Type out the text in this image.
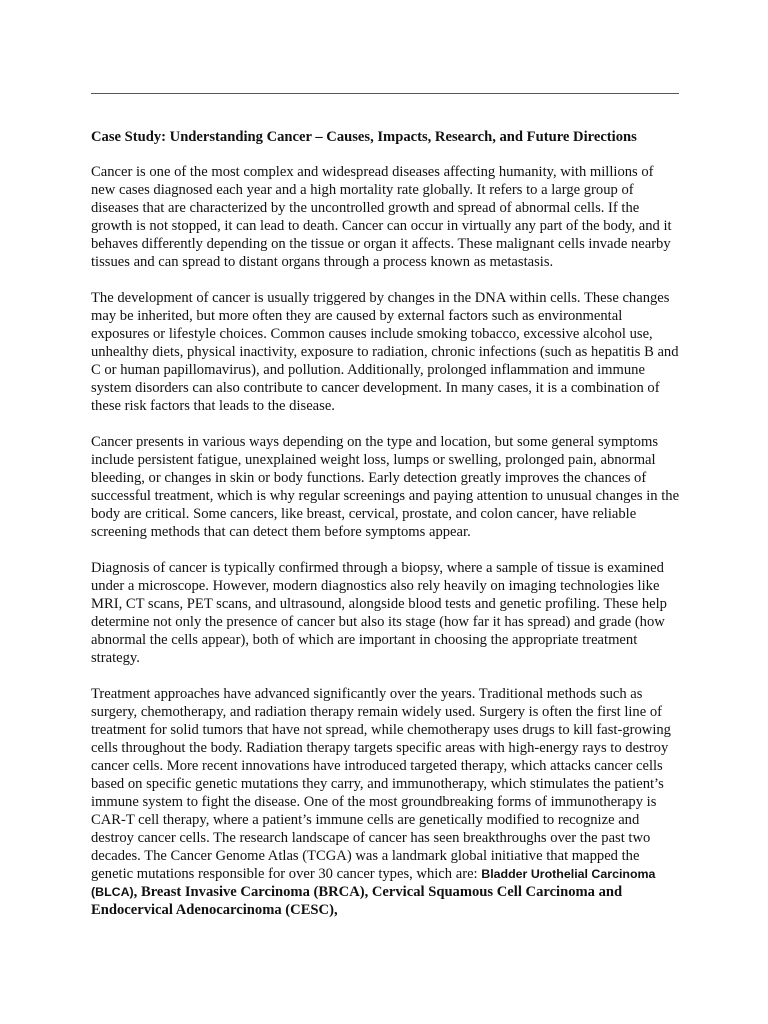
Case Study: Understanding Cancer – Causes, Impacts, Research, and Future Directions

Cancer is one of the most complex and widespread diseases affecting humanity, with millions of new cases diagnosed each year and a high mortality rate globally. It refers to a large group of diseases that are characterized by the uncontrolled growth and spread of abnormal cells. If the growth is not stopped, it can lead to death. Cancer can occur in virtually any part of the body, and it behaves differently depending on the tissue or organ it affects. These malignant cells invade nearby tissues and can spread to distant organs through a process known as metastasis.

The development of cancer is usually triggered by changes in the DNA within cells. These changes may be inherited, but more often they are caused by external factors such as environmental exposures or lifestyle choices. Common causes include smoking tobacco, excessive alcohol use, unhealthy diets, physical inactivity, exposure to radiation, chronic infections (such as hepatitis B and C or human papillomavirus), and pollution. Additionally, prolonged inflammation and immune system disorders can also contribute to cancer development. In many cases, it is a combination of these risk factors that leads to the disease.

Cancer presents in various ways depending on the type and location, but some general symptoms include persistent fatigue, unexplained weight loss, lumps or swelling, prolonged pain, abnormal bleeding, or changes in skin or body functions. Early detection greatly improves the chances of successful treatment, which is why regular screenings and paying attention to unusual changes in the body are critical. Some cancers, like breast, cervical, prostate, and colon cancer, have reliable screening methods that can detect them before symptoms appear.

Diagnosis of cancer is typically confirmed through a biopsy, where a sample of tissue is examined under a microscope. However, modern diagnostics also rely heavily on imaging technologies like MRI, CT scans, PET scans, and ultrasound, alongside blood tests and genetic profiling. These help determine not only the presence of cancer but also its stage (how far it has spread) and grade (how abnormal the cells appear), both of which are important in choosing the appropriate treatment strategy.

Treatment approaches have advanced significantly over the years. Traditional methods such as surgery, chemotherapy, and radiation therapy remain widely used. Surgery is often the first line of treatment for solid tumors that have not spread, while chemotherapy uses drugs to kill fast-growing cells throughout the body. Radiation therapy targets specific areas with high-energy rays to destroy cancer cells. More recent innovations have introduced targeted therapy, which attacks cancer cells based on specific genetic mutations they carry, and immunotherapy, which stimulates the patient’s immune system to fight the disease. One of the most groundbreaking forms of immunotherapy is CAR-T cell therapy, where a patient’s immune cells are genetically modified to recognize and destroy cancer cells. The research landscape of cancer has seen breakthroughs over the past two decades. The Cancer Genome Atlas (TCGA) was a landmark global initiative that mapped the genetic mutations responsible for over 30 cancer types, which are: Bladder Urothelial Carcinoma (BLCA), Breast Invasive Carcinoma (BRCA), Cervical Squamous Cell Carcinoma and Endocervical Adenocarcinoma (CESC),
